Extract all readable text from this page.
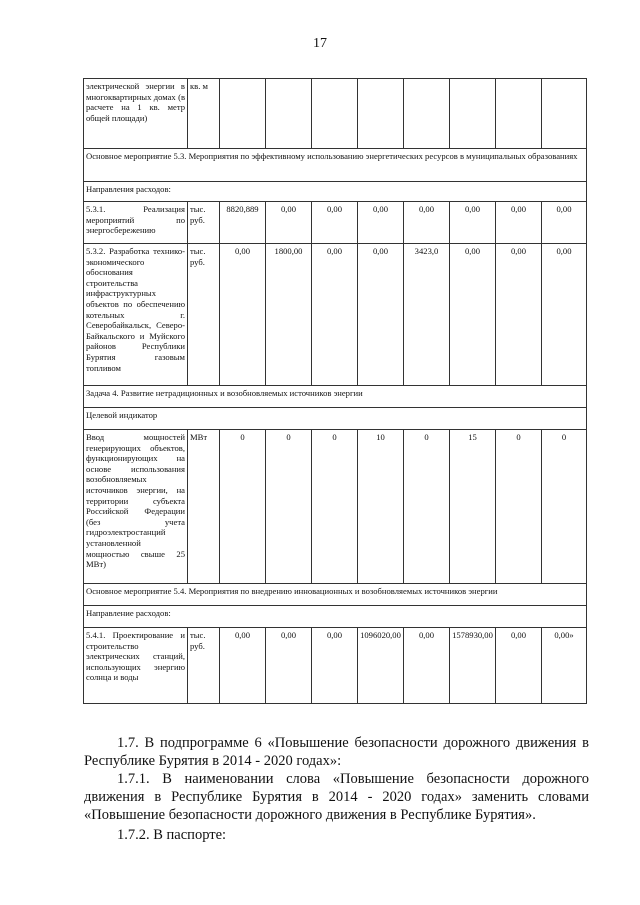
17
электрической энергии в многоквартирных домах (в расчете на 1 кв. метр общей площади)	кв. м								
Основное мероприятие 5.3. Мероприятия по эффективному использованию энергетических ресурсов в муниципальных образованиях									
Направления расходов:									
5.3.1. Реализация мероприятий по энергосбережению	тыс. руб.	8820,889	0,00	0,00	0,00	0,00	0,00	0,00	0,00
5.3.2. Разработка технико-экономического обоснования строительства инфраструктурных объектов по обеспечению котельных г. Северобайкальск, Северо-Байкальского и Муйского районов Республики Бурятия газовым топливом	тыс. руб.	0,00	1800,00	0,00	0,00	3423,0	0,00	0,00	0,00
Задача 4. Развитие нетрадиционных и возобновляемых источников энергии									
Целевой индикатор									
Ввод мощностей генерирующих объектов, функционирующих на основе использования возобновляемых источников энергии, на территории субъекта Российской Федерации (без учета гидроэлектростанций установленной мощностью свыше 25 МВт)	МВт	0	0	0	10	0	15	0	0
Основное мероприятие 5.4. Мероприятия по внедрению инновационных и возобновляемых источников энергии									
Направление расходов:									
5.4.1. Проектирование и строительство электрических станций, использующих энергию солнца и воды	тыс. руб.	0,00	0,00	0,00	1096020,00	0,00	1578930,00	0,00	0,00»
1.7. В подпрограмме 6 «Повышение безопасности дорожного движения в Республике Бурятия в 2014 - 2020 годах»:
1.7.1. В наименовании слова «Повышение безопасности дорожного движения в Республике Бурятия в 2014 - 2020 годах» заменить словами «Повышение безопасности дорожного движения в Республике Бурятия».
1.7.2. В паспорте:
